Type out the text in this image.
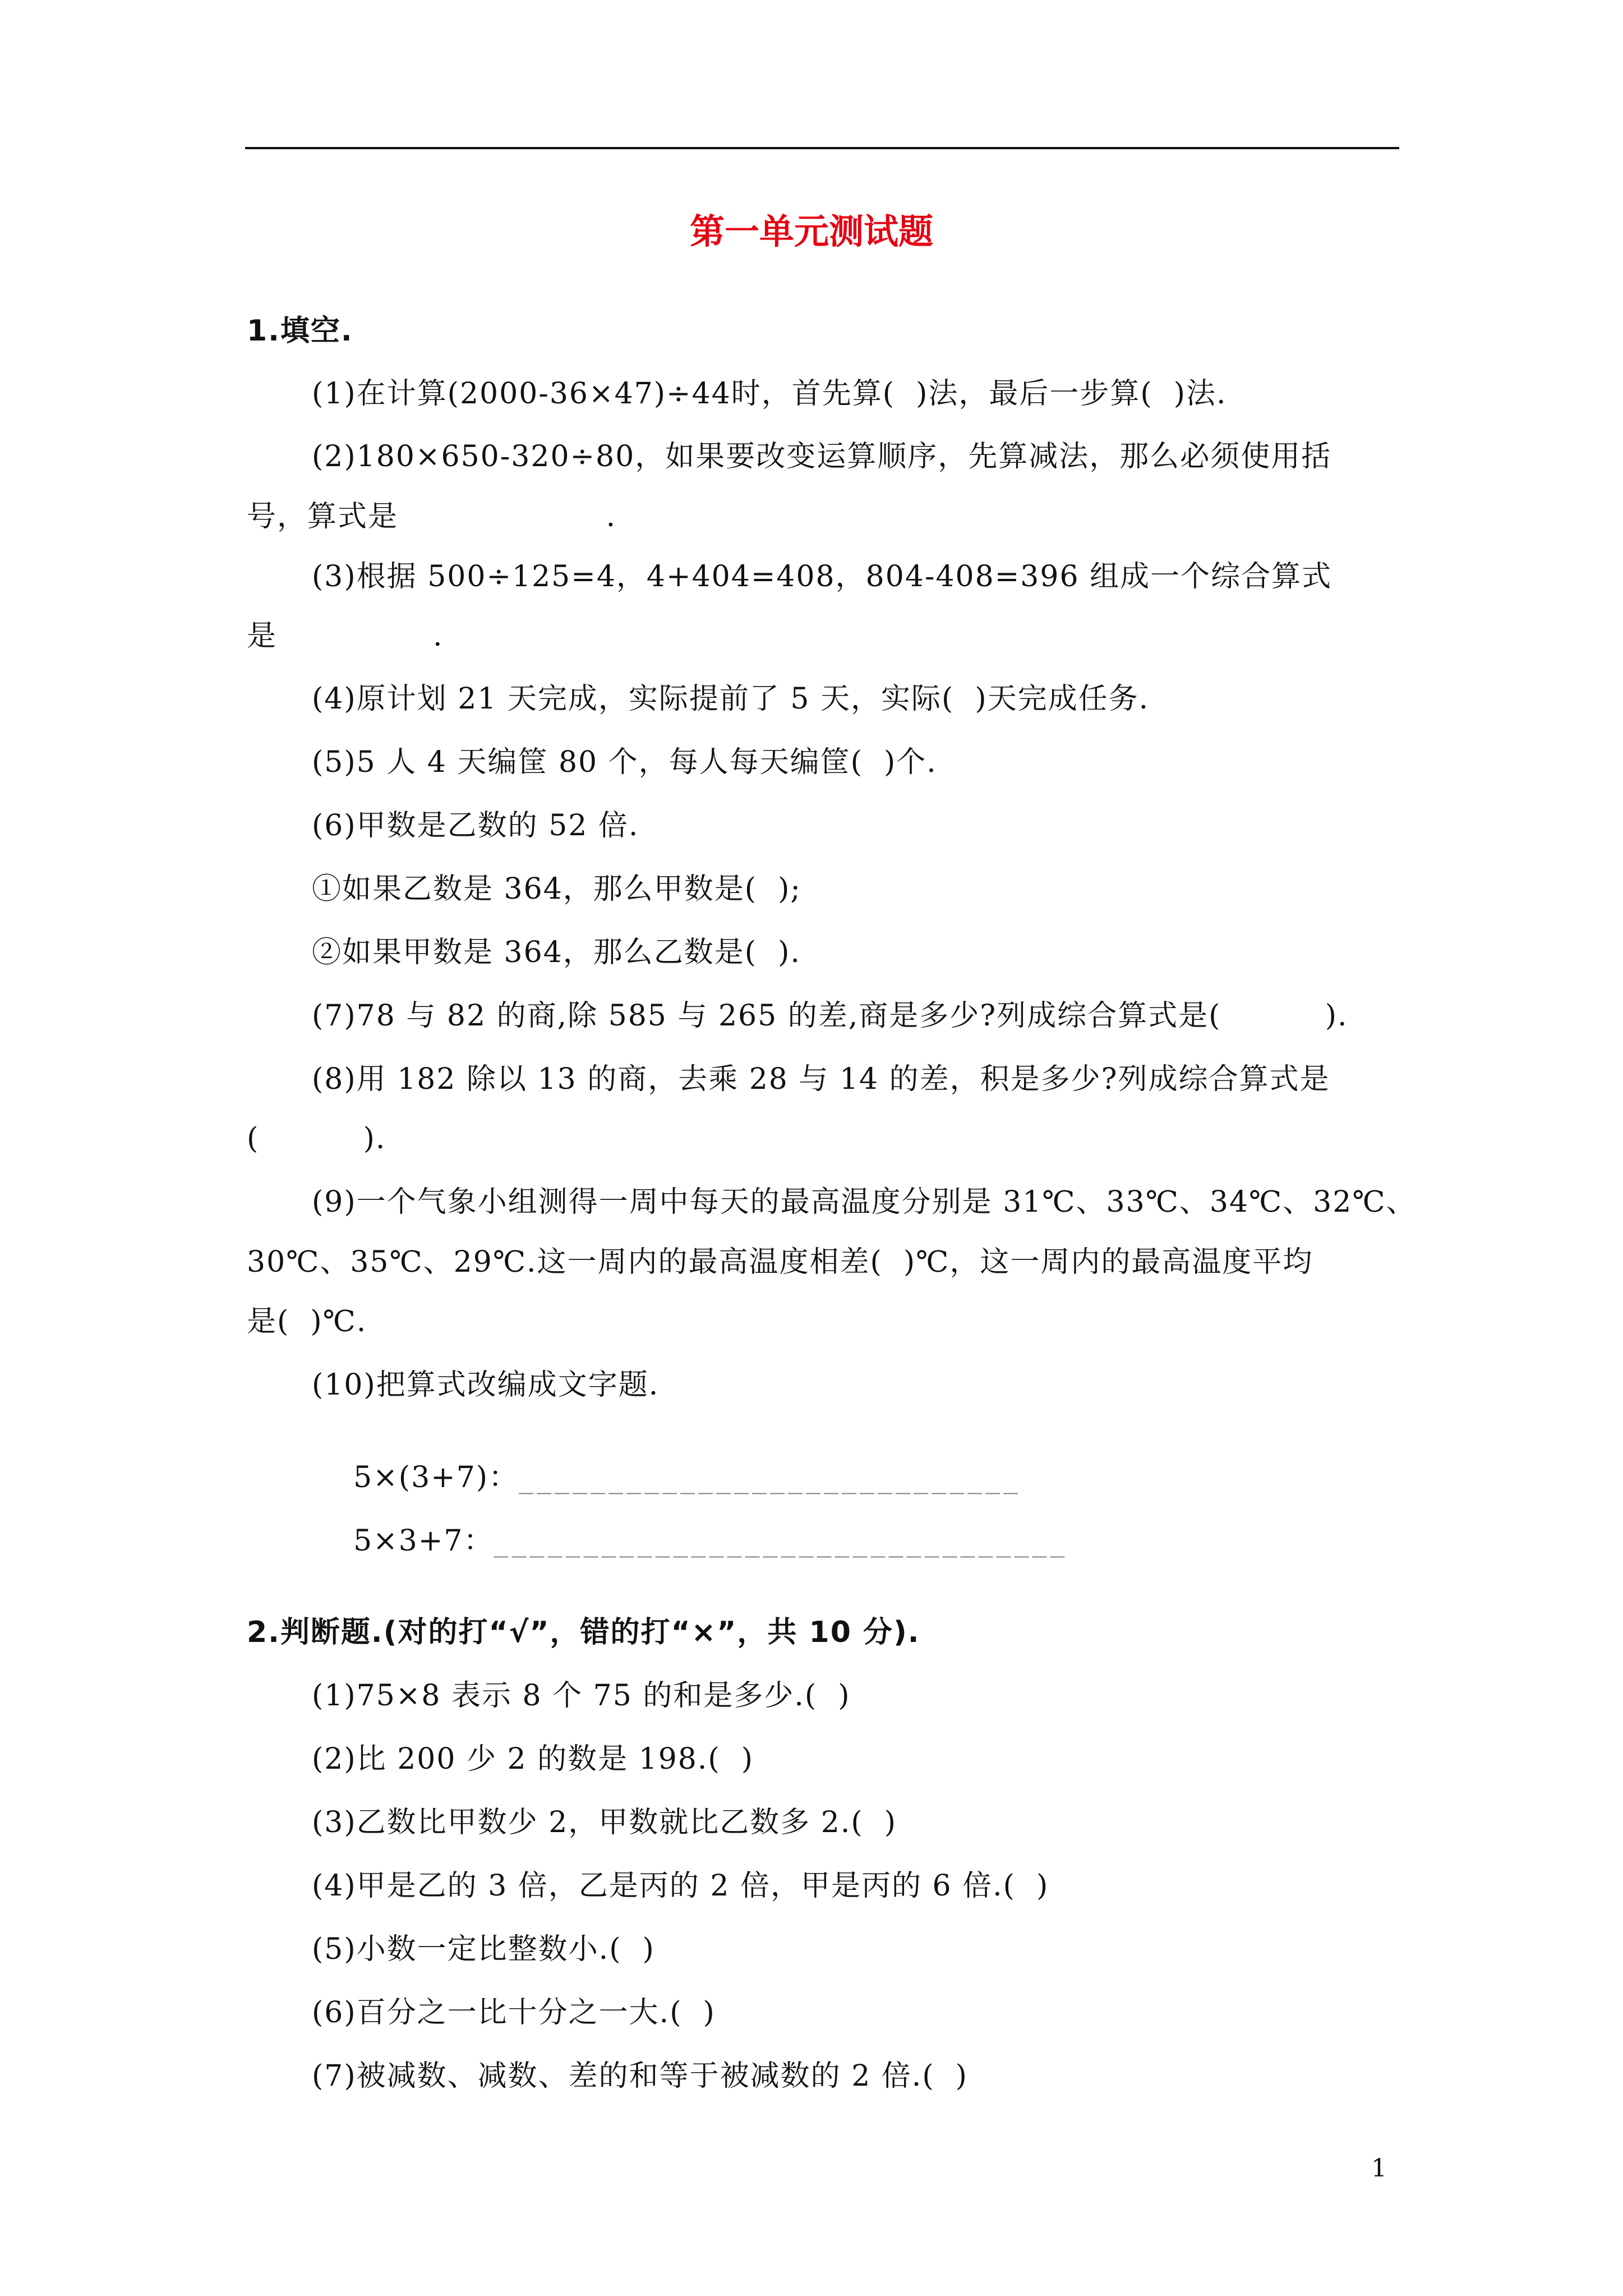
第一单元测试题
1.填空.
(1)在计算(2000-36×47)÷44时，首先算(  )法，最后一步算(  )法.
(2)180×650-320÷80，如果要改变运算顺序，先算减法，那么必须使用括
号，算式是                    .
(3)根据 500÷125=4，4+404=408，804-408=396 组成一个综合算式
是               .
(4)原计划 21 天完成，实际提前了 5 天，实际(  )天完成任务.
(5)5 人 4 天编筐 80 个，每人每天编筐(  )个.
(6)甲数是乙数的 52 倍.
①如果乙数是 364，那么甲数是(  );
②如果甲数是 364，那么乙数是(  ).
(7)78 与 82 的商,除 585 与 265 的差,商是多少?列成综合算式是(          ).
(8)用 182 除以 13 的商，去乘 28 与 14 的差，积是多少?列成综合算式是
(          ).
(9)一个气象小组测得一周中每天的最高温度分别是 31℃、33℃、34℃、32℃、
30℃、35℃、29℃.这一周内的最高温度相差(  )℃，这一周内的最高温度平均
是(  )℃.
(10)把算式改编成文字题.

5×(3+7)：____________________________

5×3+7：________________________________

2.判断题.(对的打“√”，错的打“×”，共 10 分).
(1)75×8 表示 8 个 75 的和是多少.(  )
(2)比 200 少 2 的数是 198.(  )
(3)乙数比甲数少 2，甲数就比乙数多 2.(  )
(4)甲是乙的 3 倍，乙是丙的 2 倍，甲是丙的 6 倍.(  )
(5)小数一定比整数小.(  )
(6)百分之一比十分之一大.(  )
(7)被减数、减数、差的和等于被减数的 2 倍.(  )
1
